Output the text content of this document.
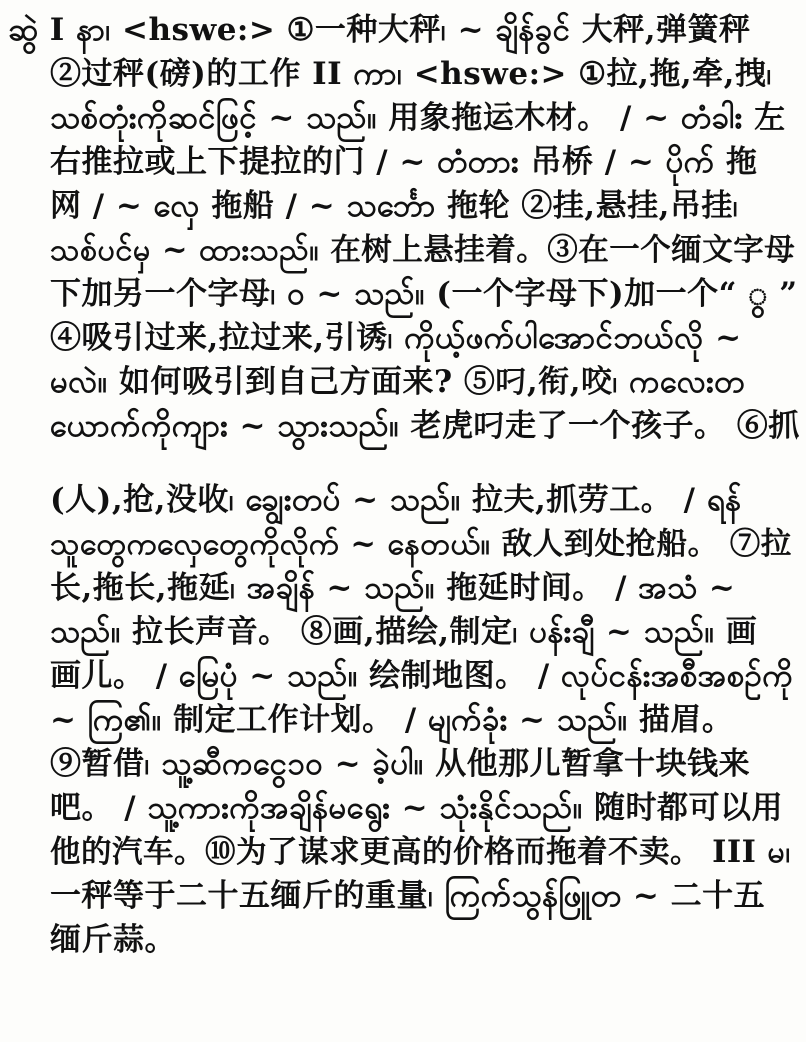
ဆွဲ I နာ၊ <hswe:> ①一种大秤၊ ~ ချိန်ခွင် 大秤,弹簧秤
②过秤(磅)的工作 II ကာ၊ <hswe:> ①拉,拖,牵,拽၊
သစ်တုံးကိုဆင်ဖြင့် ~ သည်။ 用象拖运木材。 / ~ တံခါး 左
右推拉或上下提拉的门 / ~ တံတား 吊桥 / ~ ပိုက် 拖
网 / ~ လှေ 拖船 / ~ သင်္ဘော 拖轮 ②挂,悬挂,吊挂၊
သစ်ပင်မှ ~ ထားသည်။ 在树上悬挂着。③在一个缅文字母
下加另一个字母၊ ဝ ~ သည်။ (一个字母下)加一个“ ွ ”
④吸引过来,拉过来,引诱၊ ကိုယ့်ဖက်ပါအောင်ဘယ်လို ~
မလဲ။ 如何吸引到自己方面来? ⑤叼,衔,咬၊ ကလေးတ
ယောက်ကိုကျား ~ သွားသည်။ 老虎叼走了一个孩子。 ⑥抓
(人),抢,没收၊ ချွေးတပ် ~ သည်။ 拉夫,抓劳工。 / ရန်
သူတွေကလှေတွေကိုလိုက် ~ နေတယ်။ 敌人到处抢船。 ⑦拉
长,拖长,拖延၊ အချိန် ~ သည်။ 拖延时间。 / အသံ ~
သည်။ 拉长声音。 ⑧画,描绘,制定၊ ပန်းချီ ~ သည်။ 画
画儿。 / မြေပုံ ~ သည်။ 绘制地图。 / လုပ်ငန်းအစီအစဉ်ကို
~ ကြ၏။ 制定工作计划。 / မျက်ခုံး ~ သည်။ 描眉。
⑨暂借၊ သူ့ဆီကငွေ၁၀ ~ ခဲ့ပါ။ 从他那儿暂拿十块钱来
吧。 / သူ့ကားကိုအချိန်မရွေး ~ သုံးနိုင်သည်။ 随时都可以用
他的汽车。⑩为了谋求更高的价格而拖着不卖。 III မ၊
一秤等于二十五缅斤的重量၊ ကြက်သွန်ဖြူတ ~ 二十五
缅斤蒜。
